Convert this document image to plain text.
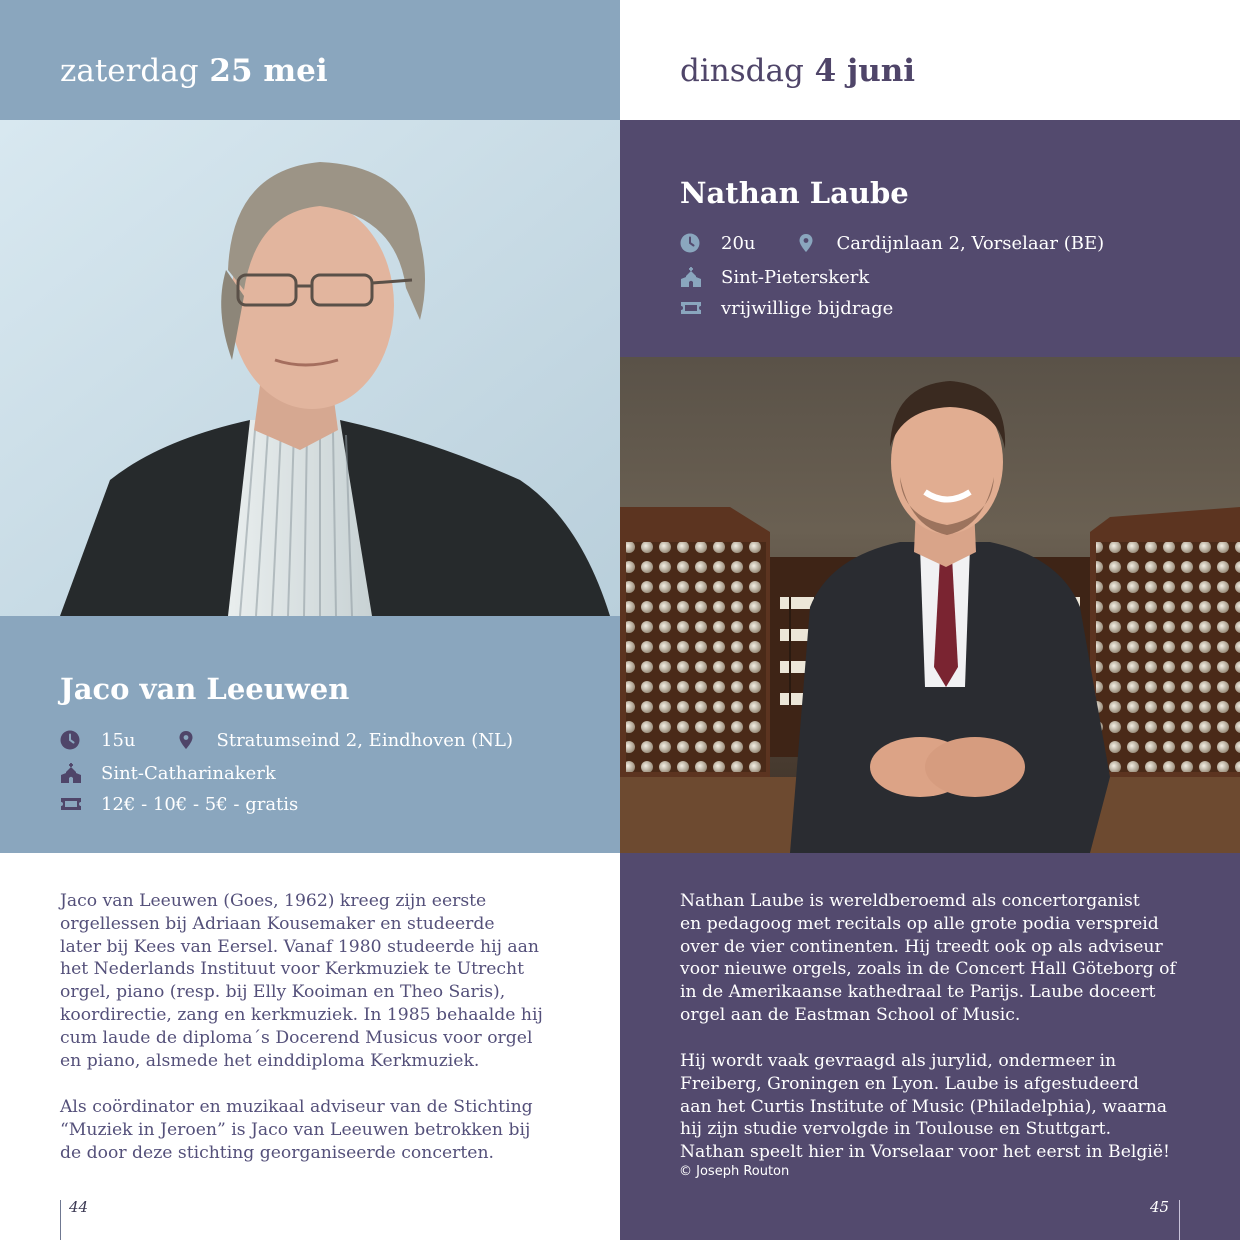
zaterdag 25 mei
Jaco van Leeuwen
15u	Stratumseind 2, Eindhoven (NL)
Sint-Catharinakerk
12€ - 10€ - 5€ - gratis
Jaco van Leeuwen (Goes, 1962) kreeg zijn eerste
orgellessen bij Adriaan Kousemaker en studeerde
later bij Kees van Eersel. Vanaf 1980 studeerde hij aan
het Nederlands Instituut voor Kerkmuziek te Utrecht
orgel, piano (resp. bij Elly Kooiman en Theo Saris),
koordirectie, zang en kerkmuziek. In 1985 behaalde hij
cum laude de diploma´s Docerend Musicus voor orgel
en piano, alsmede het einddiploma Kerkmuziek.
Als coördinator en muzikaal adviseur van de Stichting
“Muziek in Jeroen” is Jaco van Leeuwen betrokken bij
de door deze stichting georganiseerde concerten.
44
dinsdag 4 juni
Nathan Laube
20u	Cardijnlaan 2, Vorselaar (BE)
Sint-Pieterskerk
vrijwillige bijdrage
© Joseph Routon
Nathan Laube is wereldberoemd als concertorganist
en pedagoog met recitals op alle grote podia verspreid
over de vier continenten. Hij treedt ook op als adviseur
voor nieuwe orgels, zoals in de Concert Hall Göteborg of
in de Amerikaanse kathedraal te Parijs. Laube doceert
orgel aan de Eastman School of Music.
Hij wordt vaak gevraagd als jurylid, ondermeer in
Freiberg, Groningen en Lyon. Laube is afgestudeerd
aan het Curtis Institute of Music (Philadelphia), waarna
hij zijn studie vervolgde in Toulouse en Stuttgart.
Nathan speelt hier in Vorselaar voor het eerst in België!
45
